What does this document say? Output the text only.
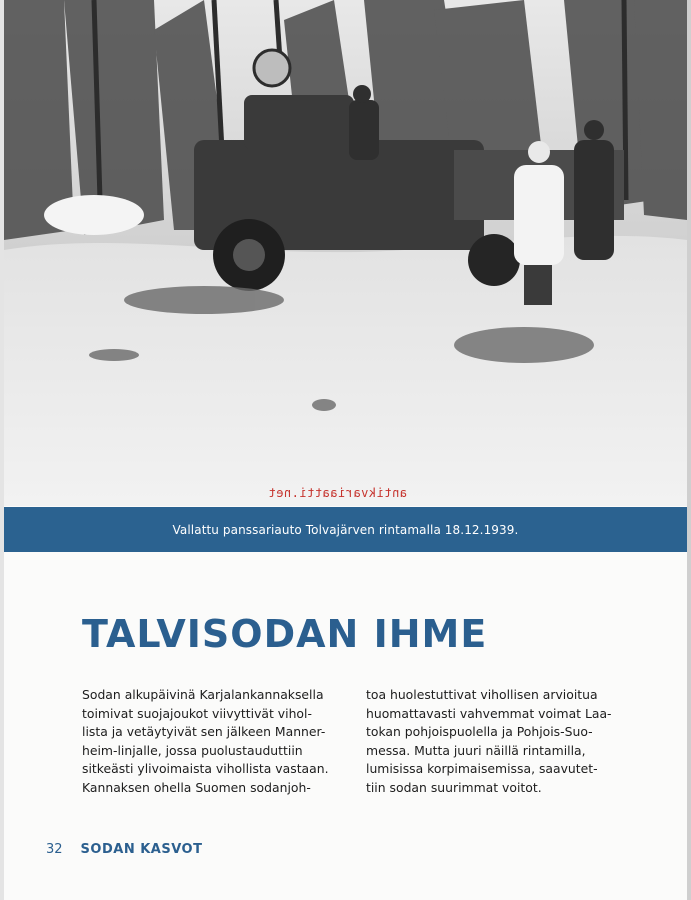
antikvariaatti.net
Vallattu panssariauto Tolvajärven rintamalla 18.12.1939.
TALVISODAN IHME
Sodan alkupäivinä Karjalankannaksella
toimivat suojajoukot viivyttivät vihol-
lista ja vetäytyivät sen jälkeen Manner-
heim-linjalle, jossa puolustauduttiin
sitkeästi ylivoimaista vihollista vastaan.
Kannaksen ohella Suomen sodanjoh-
toa huolestuttivat vihollisen arvioitua
huomattavasti vahvemmat voimat Laa-
tokan pohjoispuolella ja Pohjois-Suo-
messa. Mutta juuri näillä rintamilla,
lumisissa korpimaisemissa, saavutet-
tiin sodan suurimmat voitot.
32 SODAN KASVOT
